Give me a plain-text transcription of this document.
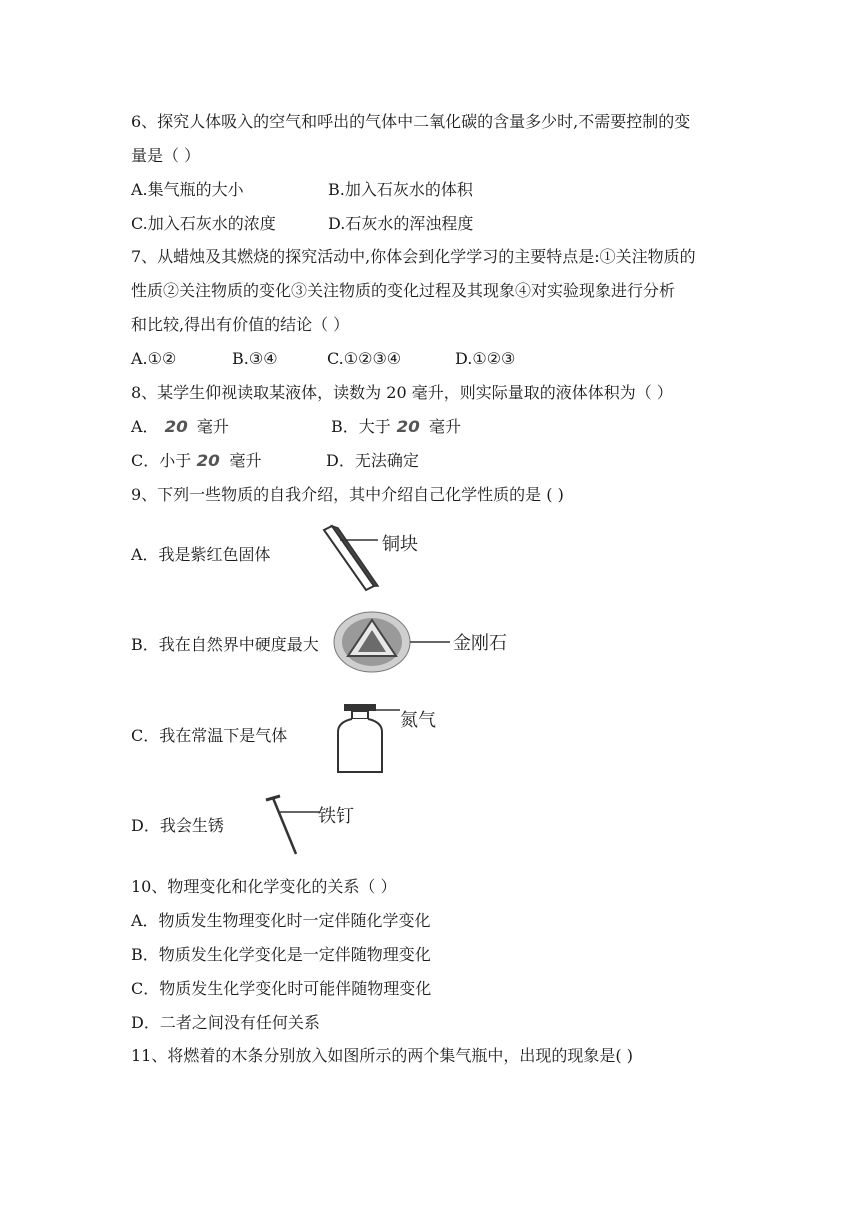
6、探究人体吸入的空气和呼出的气体中二氧化碳的含量多少时,不需要控制的变
量是（ ）
A.集气瓶的大小	B.加入石灰水的体积
C.加入石灰水的浓度	D.石灰水的浑浊程度
7、从蜡烛及其燃烧的探究活动中,你体会到化学学习的主要特点是:①关注物质的
性质②关注物质的变化③关注物质的变化过程及其现象④对实验现象进行分析
和比较,得出有价值的结论（ ）
A.①②	B.③④	C.①②③④	D.①②③
8、某学生仰视读取某液体，读数为 20 毫升，则实际量取的液体体积为（ ）
A． 20 毫升	B．大于 20 毫升
C．小于 20 毫升	D．无法确定
9、下列一些物质的自我介绍，其中介绍自己化学性质的是 ( )
A．我是紫红色固体	铜块
B．我在自然界中硬度最大	金刚石
C．我在常温下是气体
氮气
D．我会生锈	铁钉
10、物理变化和化学变化的关系（ ）
A．物质发生物理变化时一定伴随化学变化
B．物质发生化学变化是一定伴随物理变化
C．物质发生化学变化时可能伴随物理变化
D．二者之间没有任何关系
11、将燃着的木条分别放入如图所示的两个集气瓶中，出现的现象是( )
